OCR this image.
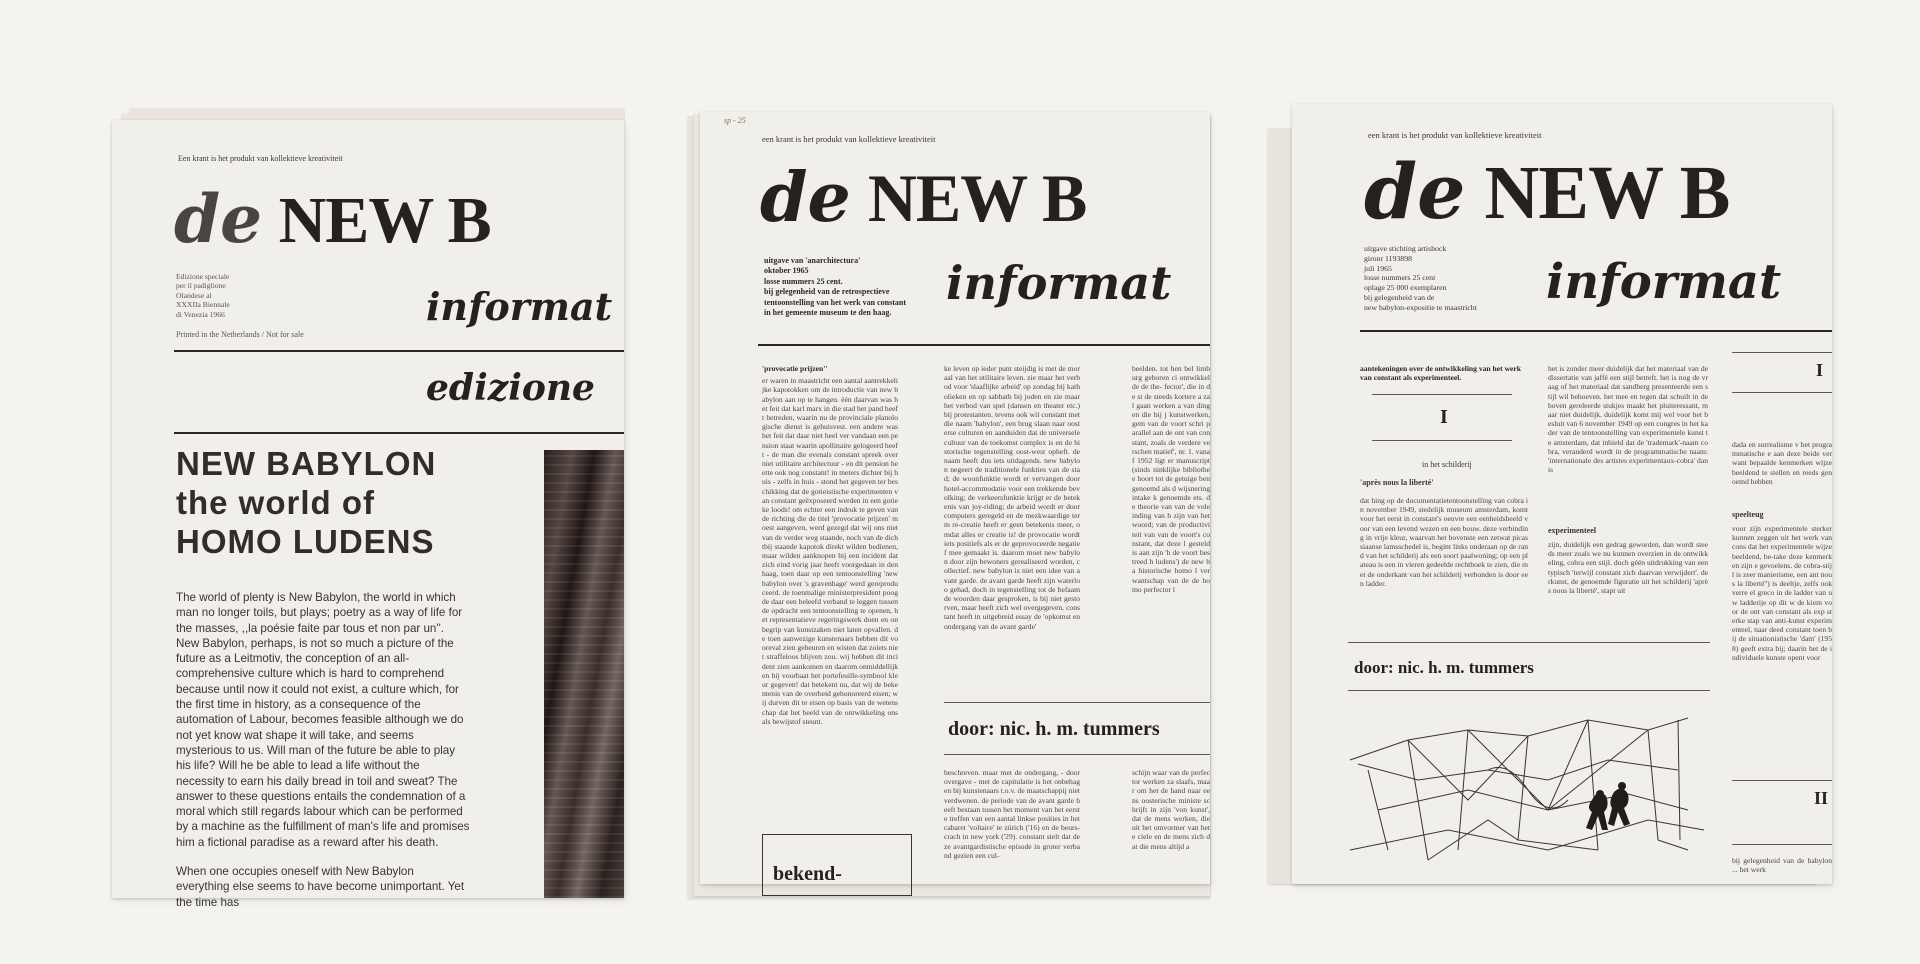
Een krant is het produkt van kollektieve kreativiteit
de NEW B
Edizione speciale
per il padiglione
Olandese al
XXXIIa Biennale
di Venezia 1966	informat
Printed in the Netherlands / Not for sale
edizione
NEW BABYLON
the world of
HOMO LUDENS
The world of plenty is New Babylon, the world in which man no longer toils, but plays; poetry as a way of life for the masses, ,,la poésie faite par tous et non par un''. New Babylon, perhaps, is not so much a picture of the future as a Leitmotiv, the conception of an all-comprehensive culture which is hard to comprehend because until now it could not exist, a culture which, for the first time in history, as a consequence of the automation of Labour, becomes feasible although we do not yet know wat shape it will take, and seems mysterious to us. Will man of the future be able to play his life? Will he be able to lead a life without the necessity to earn his daily bread in toil and sweat? The answer to these questions entails the condemnation of a moral which still regards labour which can be performed by a machine as the fulfillment of man's life and promises him a fictional paradise as a reward after his death.
When one occupies oneself with New Babylon everything else seems to have become unimportant. Yet the time has
sp - 25
een krant is het produkt van kollektieve kreativiteit
de NEW B
uitgave van 'anarchitectura'
oktober 1965
losse nummers 25 cent.
bij gelegenheid van de retrospectieve
tentoonstelling van het werk van constant
in het gemeente museum te den haag.
informat
'provocatie prijzen''
er waren in maastricht een aantal aantrekkelijke kapotokken om de introductie van new babylon aan op te hangen. één daarvan was het feit dat karl marx in die stad het pand heeft betreden, waarin nu de provinciale planologische dienst is gehuisvest. een andere was het feit dat daar niet heel ver vandaan een pension staat waarin apollinaire gelogeerd heeft - de man die evenals constant spreek over niet utilitaire architectuur - en dit pension heette ook nog constant! in meters dichter bij huis - zelfs in huis - stond het gegeven ter beschikking dat de gotieistische experimenten van constant geëxposeerd werden in een gotieke loods! om echter een indruk te geven van de richting die de titel 'provocatie prijzen' moest aangeven, werd gezegd dat wij ons niet van de verder weg staande, noch van de dichtbij staande kapotok direkt wilden bedienen, maar wilden aanknopen bij een incident dat zich eind vorig jaar heeft voorgedaan in den haag, toen daar op een tentoonstelling 'new babylon over 's gravenhage' werd gereproduceerd. de toenmalige ministerpresident poogde daar een beleefd verband te leggen tussen de opdracht een tentoonstelling te openen, het representatieve regeringswerk doen en onbegrip van kunstzaken niet laten opvallen. de toen aanwezige kunstenaars hebben dit vooreval zien gebeuren en wisten dat zoiets niet straffeloos blijven zou. wij hebben dit incident zien aankomen en daarom onmiddellijk en bij voorbaat het portefeuille-symbool kleur gegeven! dat betekent nu, dat wij de bekentenis van de overheid gehonoreerd eisen; wij durven dit te eisen op basis van de wetenschap dat het beeld van de ontwikkeling ons als bewijstof steunt.
ke leven op ieder punt steijdig is met de moraal van het utilitaire leven. zie maar het verbod voor 'slaaflijke arbeid' op zondag bij katholieken en op sabbath bij joden en zie maar het verbod van spel (dansen en theater etc.) bij protestanten. tevens ook wil constant met die naam 'babylon', een brug slaan naar oosterse culturen en aanduiden dat de universele cultuur van de toekomst complex is en de historische tegenstelling oost-west opheft. de naam heeft dus iets uitdagends. new babylon negeert de traditionele funkties van de stad; de woonfunktie wordt er vervangen door hotel-accommodatie voor een trekkende bevolking; de verkeersfunktie krijgt er de betekenis van joy-riding; de arbeid wordt er door computers geregeld en de mezkwaardige term re-creatie heeft er geen betekenis meer, omdat alles er creatie is! de provocatie wordt iets positiefs als er de geprovoceerde negatief mee gemaakt is. daarom moet new babylon door zijn bewoners gerealiseerd worden, collectief. new babylon is niet een idee van avant garde. de avant garde heeft zijn waterloo gehad, doch in tegenstelling tot de befaamde woorden daar gesproken, is bij niet gestorven, maar heeft zich wel overgegeven. constant heeft in uitgebreid essay de 'opkomst en ondergang van de avant garde'
beelden. tot hen bel limburg geboren ci ontwikkelde de the- fector', die in de st de steeds kortere a zal gaan werken a van dingen die bij j kunstwerken, gem van de voort schri parallel aan de ont van constant, zoals de verdere verschen matief', nr. 1. vanaf 1952 ligt er manuscript (sinds ninklijke bibliothee hoort tot de getuige ben genoemd als d wijsnering intake k genoemde ets. de theorie van van de voleinding van h zijn van het woord; van de productiviteit van van de voort's constant, dat deze l gesteld is aan zijn 'h de voort bestreed h ludens') de new ba historische homo l verwantschap van de de homo perfector l
door: nic. h. m. tummers
beschreven. maar met de ondergang, - door overgave - met de capitulatie is het onbehagen bij kunstenaars t.o.v. de maatschappij niet verdwenen. de periode van de avant garde heeft bestaan tussen het moment van het eerste treffen van een aantal linkse posities in het cabaret 'voltaire' te zürich ('16) en de beurs-crach in new york ('29). constant stelt dat deze avantgardistische episode in groter verband gezien een cul-
schijn waar van de perfector werken za slaafs, maar om het de hand naar eens oosterische ministe schrijft in zijn 'von kunst', dat de mens werken, die uit het omvormer van het e ciele en de mens zich dat die mens altijd a
bekend-
een krant is het produkt van kollektieve kreativiteit
de NEW B
uitgave stichting artishock
gironr 1193898
juli 1965
losse nummers 25 cent
oplage 25 000 exemplaren
bij gelegenheid van de
new babylon-expositie te maastricht informat
aantekeningen over de ontwikkeling van het werk van constant als experimenteel.
I
in het schilderij
'après nous la liberté'
dat hing op de documentatietentoonstelling van cobra in november 1949, stedelijk museum amsterdam, komt voor het eerst in constant's oeuvre een eenheidsbeeld voor van een levend wezen en een bouw. deze verbinding in vrije kleur, waarvan het bovenste een zetwat picassiaanse lamsschedel is, begint links onderaan op de rand van het schilderij als een soort paalwoning; op een plateau is een in vieren gedeelde rechthoek te zien, die met de onderkant van het schilderij verbonden is door een ladder.
het is zonder meer duidelijk dat het materiaal van de dissertatie van jaffé een stijl betreft. het is nog de vraag of het materiaal dat sandberg presenteerde een stijl wil behoeven. het mee en tegen dat schuilt in de boven gereleerde stukjes maakt het pluiteressant, maar niet duidelijk. duidelijk komt mij wel voor het besluit van 6 november 1949 op een congres in het kader van de tentoonstelling van experimentele kunst te amsterdam, dat inhield dat de 'trademark'-naam cobra, veranderd wordt in de programmatische naam: 'internationale des artistes experimentaux-cobra' dan is
experimenteel
zijn, duidelijk een gedrag geworden, dan wordt steeds meer zoals we nu kunnen overzien in de ontwikkeling, cobra een stijl. doch géén uitdrukking van een typisch 'terwijl constant zich daarvan verwijdert'. derkunst, de genoemde figuratie uit het schilderij 'après nous la liberté', stapt uit
door: nic. h. m. tummers
I
dada en surrealisme v het programmatische e aan deze beide verwant bepaalde kenmerken wijze beeldend te stellen en reeds genoemd hebben
speelteug
voor zijn experimentele sterker kunnen zeggen uit het werk van cons dat het experimentele wijze beeldend, be-take deze kenmerken zijn e gevoelens. de cobra-stijl is zeer manierisme, een ant nous la liberté'') is deeltje, zelfs ook verre el greco in de ladder van uw ladderije op dit w de kiem voor de ont van constant als exp sterke stap van anti-kunst experimenteel, naar deed constant toen bij de situationistische 'dam' (1958) geeft extra bij; daarin het de individuele kunste opent voor
II
bij gelegenheid van de babylon ... het werk
